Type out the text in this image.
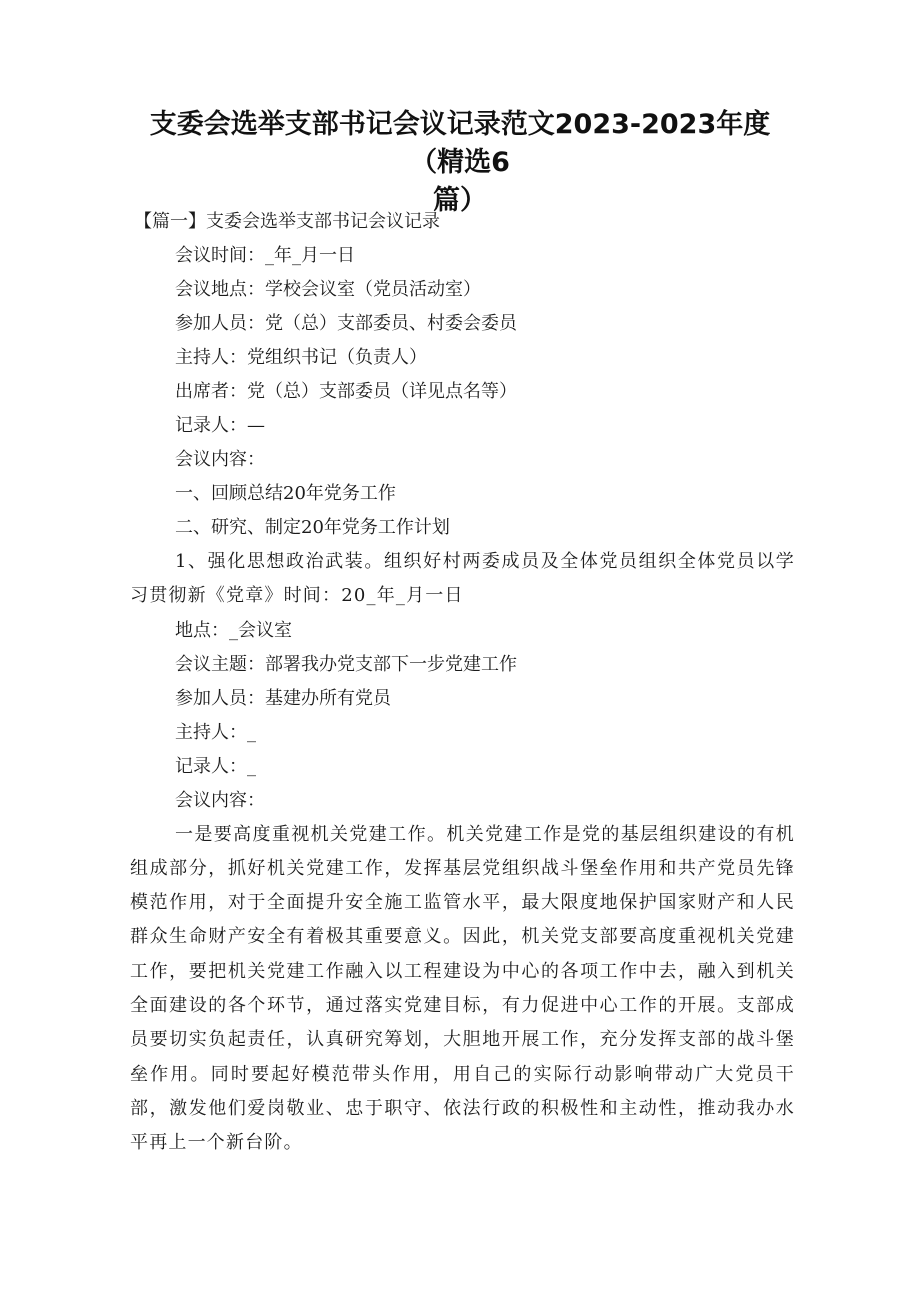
支委会选举支部书记会议记录范文2023-2023年度（精选6
篇）

【篇一】支委会选举支部书记会议记录

会议时间：_年_月一日

会议地点：学校会议室（党员活动室）

参加人员：党（总）支部委员、村委会委员

主持人：党组织书记（负责人）

出席者：党（总）支部委员（详见点名等）

记录人：—

会议内容：

一、回顾总结20年党务工作

二、研究、制定20年党务工作计划

1、强化思想政治武装。组织好村两委成员及全体党员组织全体党员以学习贯彻新《党章》时间：20_年_月一日

地点：_会议室

会议主题：部署我办党支部下一步党建工作

参加人员：基建办所有党员

主持人：_

记录人：_

会议内容：

一是要高度重视机关党建工作。机关党建工作是党的基层组织建设的有机组成部分，抓好机关党建工作，发挥基层党组织战斗堡垒作用和共产党员先锋模范作用，对于全面提升安全施工监管水平，最大限度地保护国家财产和人民群众生命财产安全有着极其重要意义。因此，机关党支部要高度重视机关党建工作，要把机关党建工作融入以工程建设为中心的各项工作中去，融入到机关全面建设的各个环节，通过落实党建目标，有力促进中心工作的开展。支部成员要切实负起责任，认真研究筹划，大胆地开展工作，充分发挥支部的战斗堡垒作用。同时要起好模范带头作用，用自己的实际行动影响带动广大党员干部，激发他们爱岗敬业、忠于职守、依法行政的积极性和主动性，推动我办水平再上一个新台阶。
